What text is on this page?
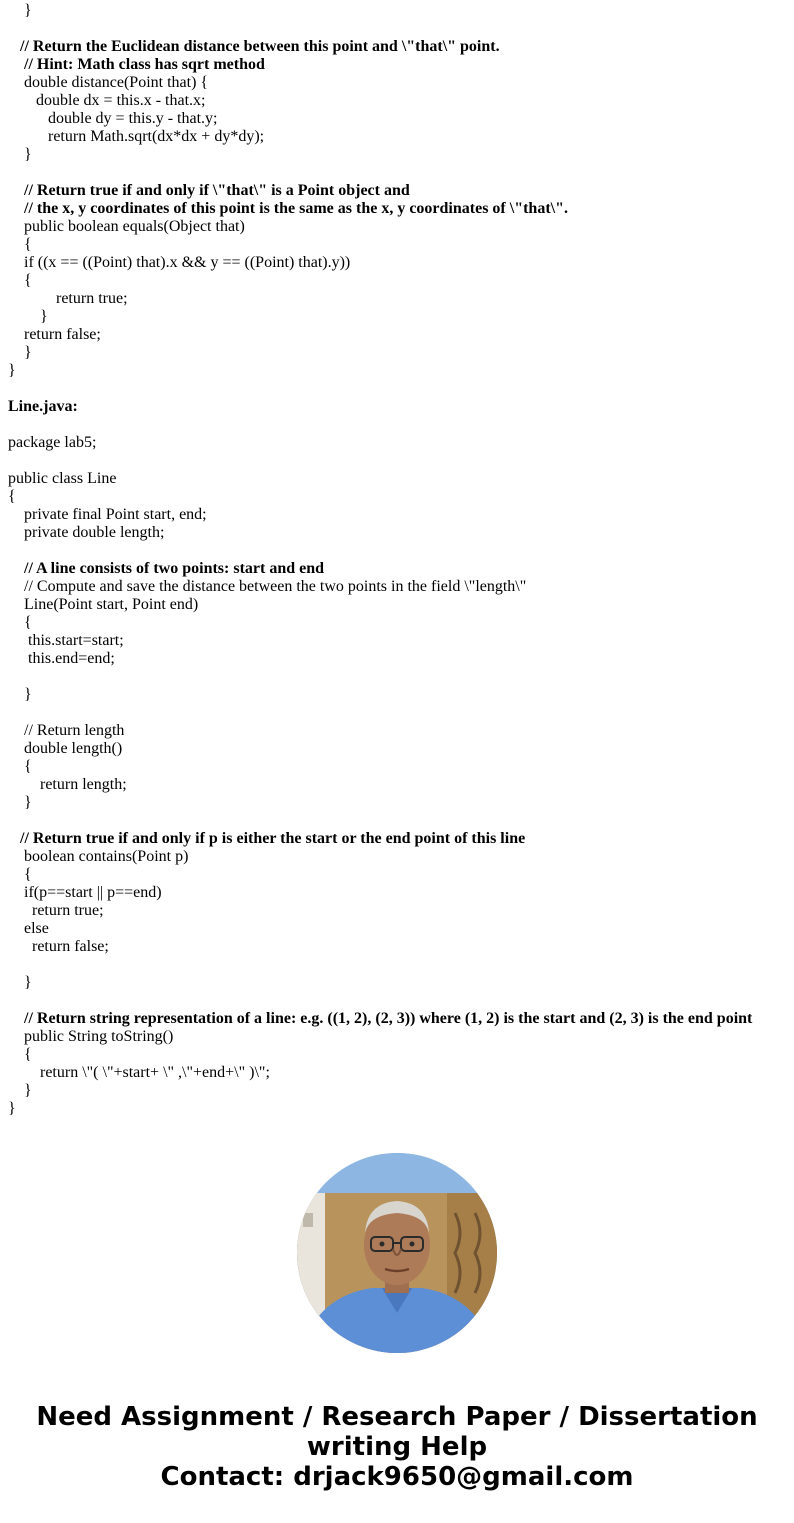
}
// Return the Euclidean distance between this point and \"that\" point.
// Hint: Math class has sqrt method
double distance(Point that) {
double dx = this.x - that.x;
double dy = this.y - that.y;
return Math.sqrt(dx*dx + dy*dy);
}
// Return true if and only if \"that\" is a Point object and
// the x, y coordinates of this point is the same as the x, y coordinates of \"that\".
public boolean equals(Object that)
{
if ((x == ((Point) that).x && y == ((Point) that).y))
{
return true;
}
return false;
}
}
Line.java:
package lab5;
public class Line
{
private final Point start, end;
private double length;
// A line consists of two points: start and end
// Compute and save the distance between the two points in the field \"length\"
Line(Point start, Point end)
{
this.start=start;
this.end=end;
}
// Return length
double length()
{
return length;
}
// Return true if and only if p is either the start or the end point of this line
boolean contains(Point p)
{
if(p==start || p==end)
return true;
else
return false;
}
// Return string representation of a line: e.g. ((1, 2), (2, 3)) where (1, 2) is the start and (2, 3) is the end point
public String toString()
{
return \"( \"+start+ \" ,\"+end+\" )\";
}
}
Need Assignment / Research Paper / Dissertation
writing Help
Contact: drjack9650@gmail.com
